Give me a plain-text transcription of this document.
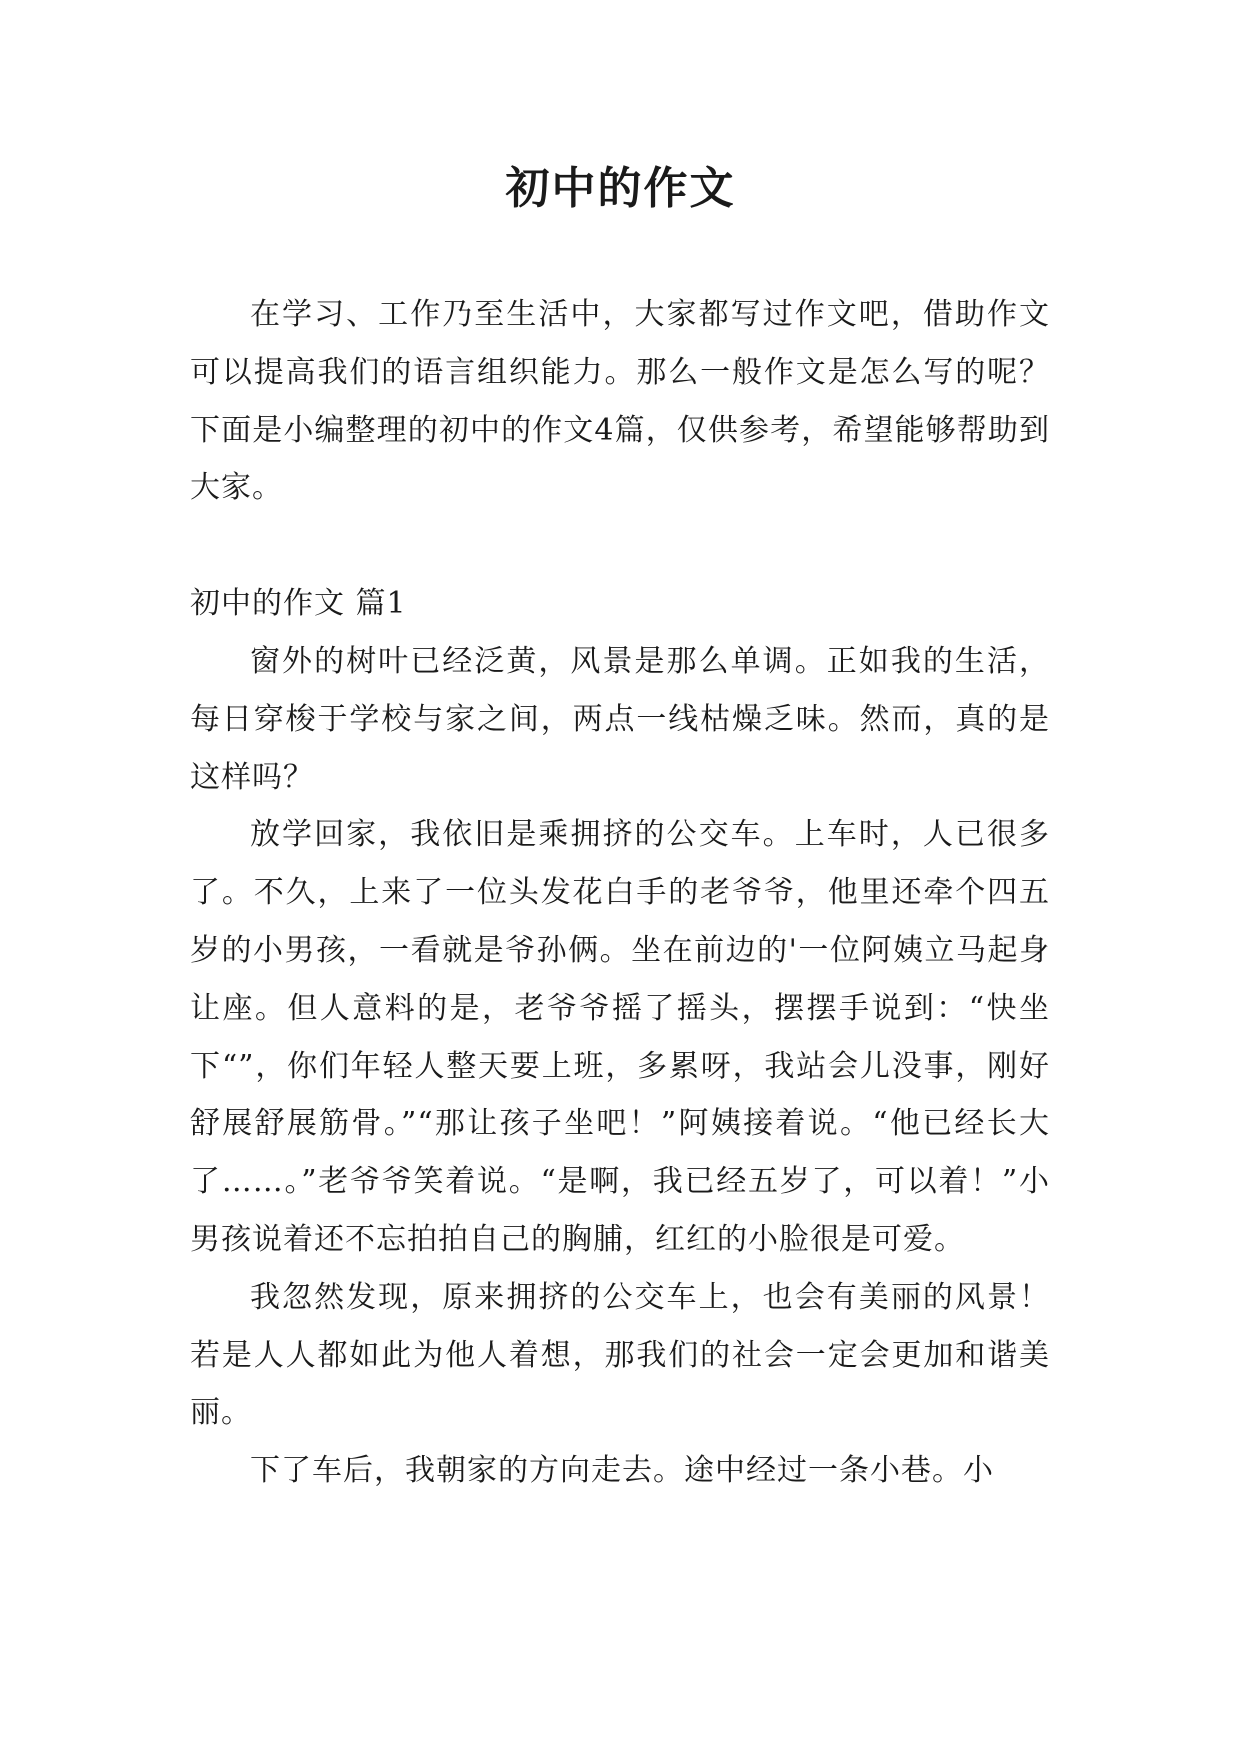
初中的作文

在学习、工作乃至生活中，大家都写过作文吧，借助作文可以提高我们的语言组织能力。那么一般作文是怎么写的呢？下面是小编整理的初中的作文4篇，仅供参考，希望能够帮助到大家。

初中的作文 篇1

窗外的树叶已经泛黄，风景是那么单调。正如我的生活，每日穿梭于学校与家之间，两点一线枯燥乏味。然而，真的是这样吗？

放学回家，我依旧是乘拥挤的公交车。上车时，人已很多了。不久，上来了一位头发花白手的老爷爷，他里还牵个四五岁的小男孩，一看就是爷孙俩。坐在前边的'一位阿姨立马起身让座。但人意料的是，老爷爷摇了摇头，摆摆手说到：“快坐下“”，你们年轻人整天要上班，多累呀，我站会儿没事，刚好舒展舒展筋骨。”“那让孩子坐吧！”阿姨接着说。“他已经长大了……。”老爷爷笑着说。“是啊，我已经五岁了，可以着！”小男孩说着还不忘拍拍自己的胸脯，红红的小脸很是可爱。

我忽然发现，原来拥挤的公交车上，也会有美丽的风景！若是人人都如此为他人着想，那我们的社会一定会更加和谐美丽。

下了车后，我朝家的方向走去。途中经过一条小巷。小
